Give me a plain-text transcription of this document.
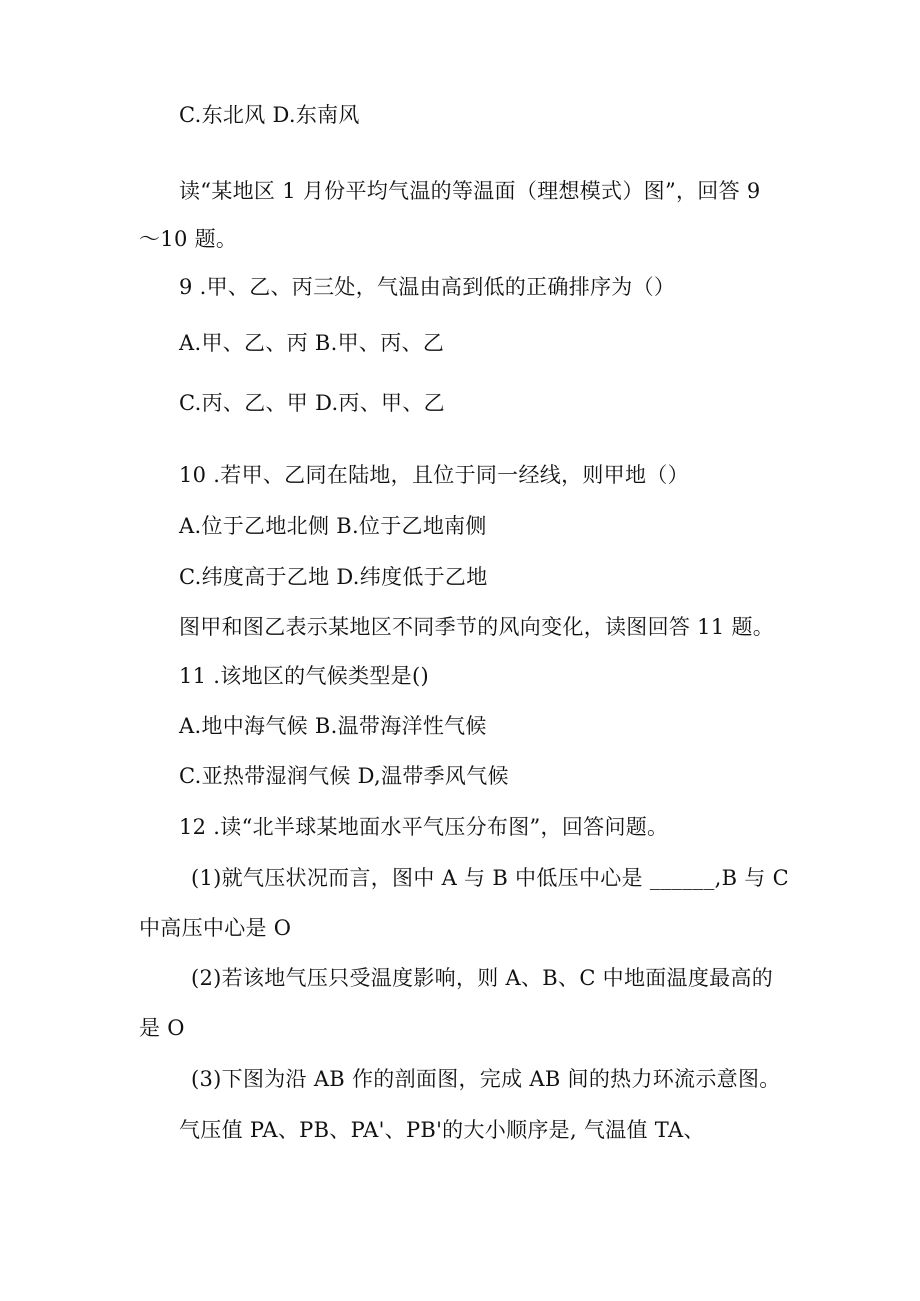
C.东北风 D.东南风
读“某地区 1 月份平均气温的等温面（理想模式）图”，回答 9
～10 题。
9 .甲、乙、丙三处，气温由高到低的正确排序为（）
A.甲、乙、丙 B.甲、丙、乙
C.丙、乙、甲 D.丙、甲、乙
10 .若甲、乙同在陆地，且位于同一经线，则甲地（）
A.位于乙地北侧 B.位于乙地南侧
C.纬度高于乙地 D.纬度低于乙地
图甲和图乙表示某地区不同季节的风向变化，读图回答 11 题。
11 .该地区的气候类型是()
A.地中海气候 B.温带海洋性气候
C.亚热带湿润气候 D,温带季风气候
12 .读“北半球某地面水平气压分布图”，回答问题。
(1)就气压状况而言，图中 A 与 B 中低压中心是 ______,B 与 C
中高压中心是 O
(2)若该地气压只受温度影响，则 A、B、C 中地面温度最高的
是 O
(3)下图为沿 AB 作的剖面图，完成 AB 间的热力环流示意图。
气压值 PA、PB、PA'、PB'的大小顺序是, 气温值 TA、
